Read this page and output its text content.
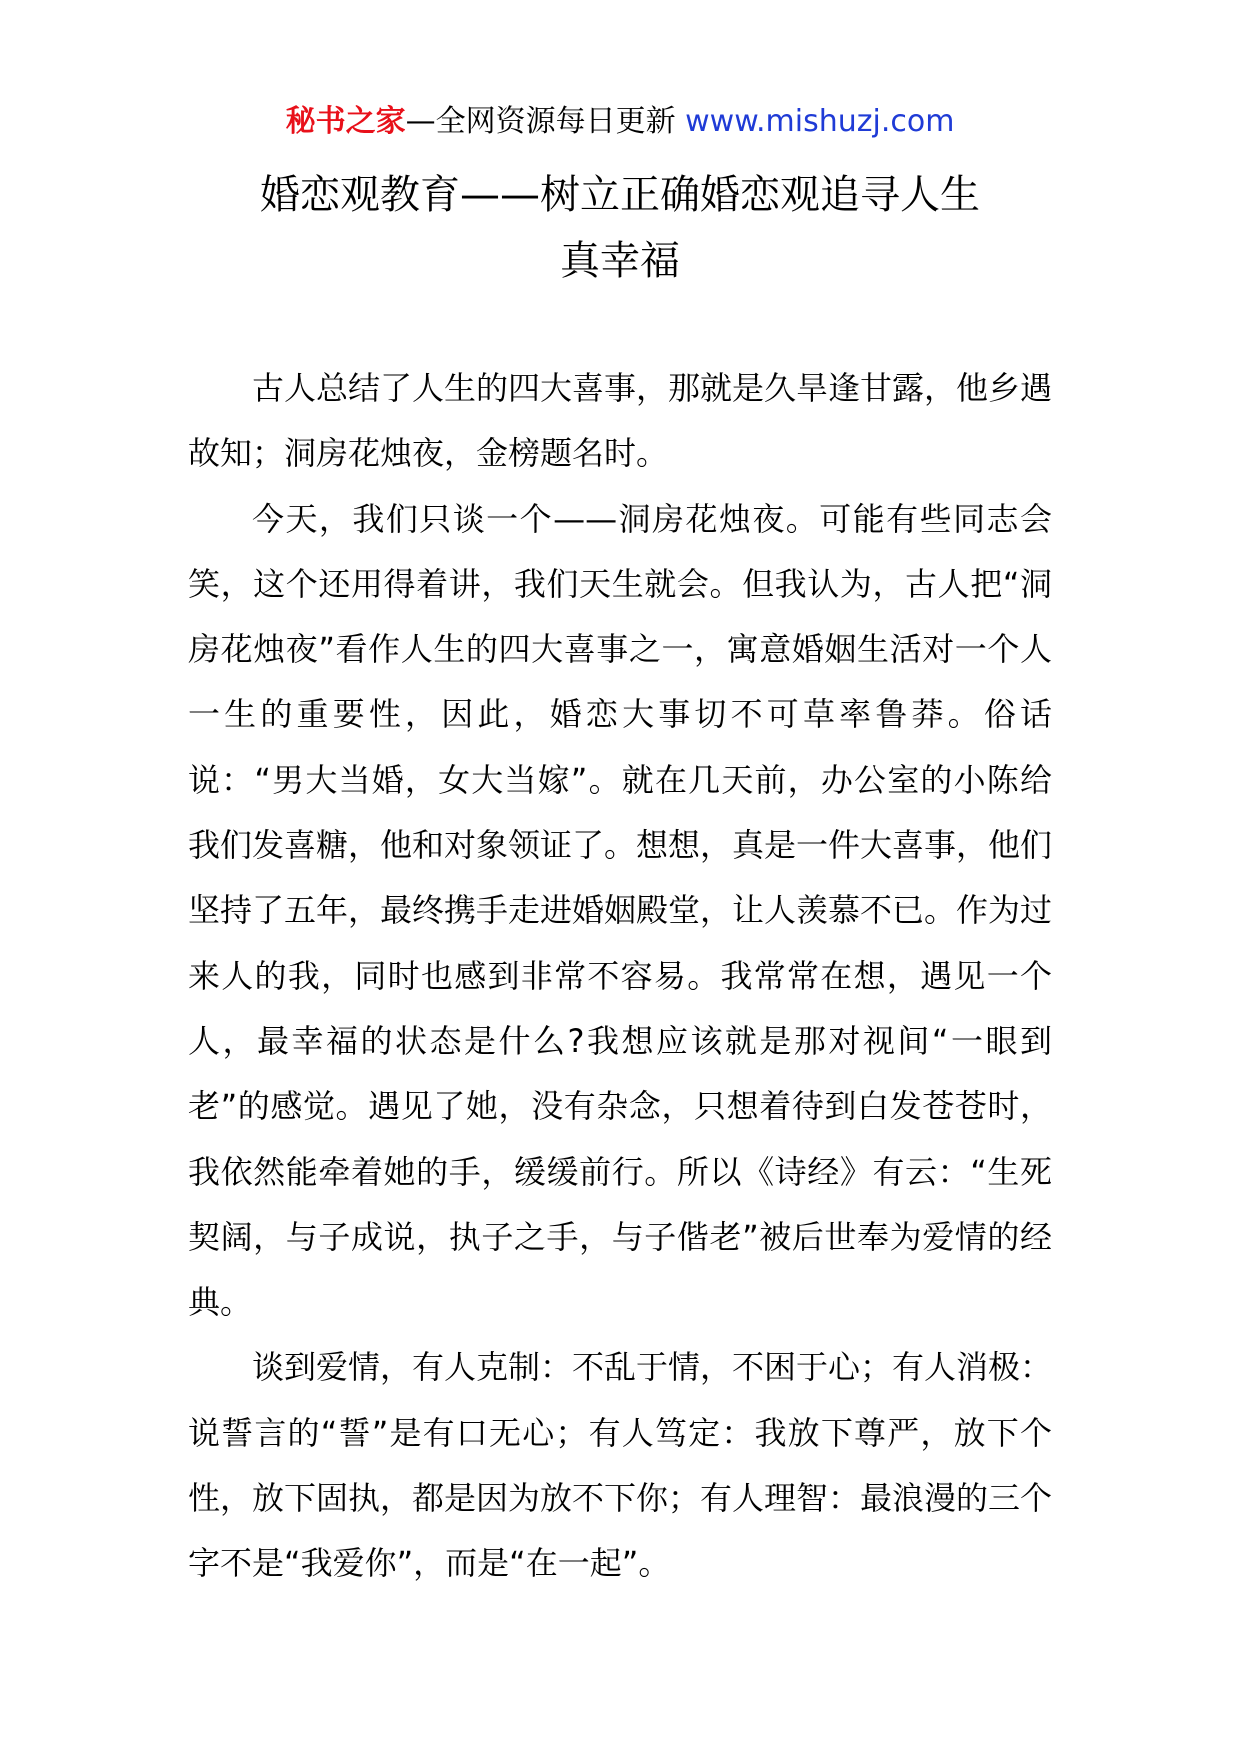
秘书之家—全网资源每日更新 www.mishuzj.com
婚恋观教育——树立正确婚恋观追寻人生
真幸福

古人总结了人生的四大喜事，那就是久旱逢甘露，他乡遇故知；洞房花烛夜，金榜题名时。

今天，我们只谈一个——洞房花烛夜。可能有些同志会笑，这个还用得着讲，我们天生就会。但我认为，古人把“洞房花烛夜”看作人生的四大喜事之一，寓意婚姻生活对一个人一生的重要性，因此，婚恋大事切不可草率鲁莽。俗话说：“男大当婚，女大当嫁”。就在几天前，办公室的小陈给我们发喜糖，他和对象领证了。想想，真是一件大喜事，他们坚持了五年，最终携手走进婚姻殿堂，让人羡慕不已。作为过来人的我，同时也感到非常不容易。我常常在想，遇见一个人，最幸福的状态是什么?我想应该就是那对视间“一眼到老”的感觉。遇见了她，没有杂念，只想着待到白发苍苍时，我依然能牵着她的手，缓缓前行。所以《诗经》有云：“生死契阔，与子成说，执子之手，与子偕老”被后世奉为爱情的经典。

谈到爱情，有人克制：不乱于情，不困于心；有人消极：说誓言的“誓”是有口无心；有人笃定：我放下尊严，放下个性，放下固执，都是因为放不下你；有人理智：最浪漫的三个字不是“我爱你”，而是“在一起”。
